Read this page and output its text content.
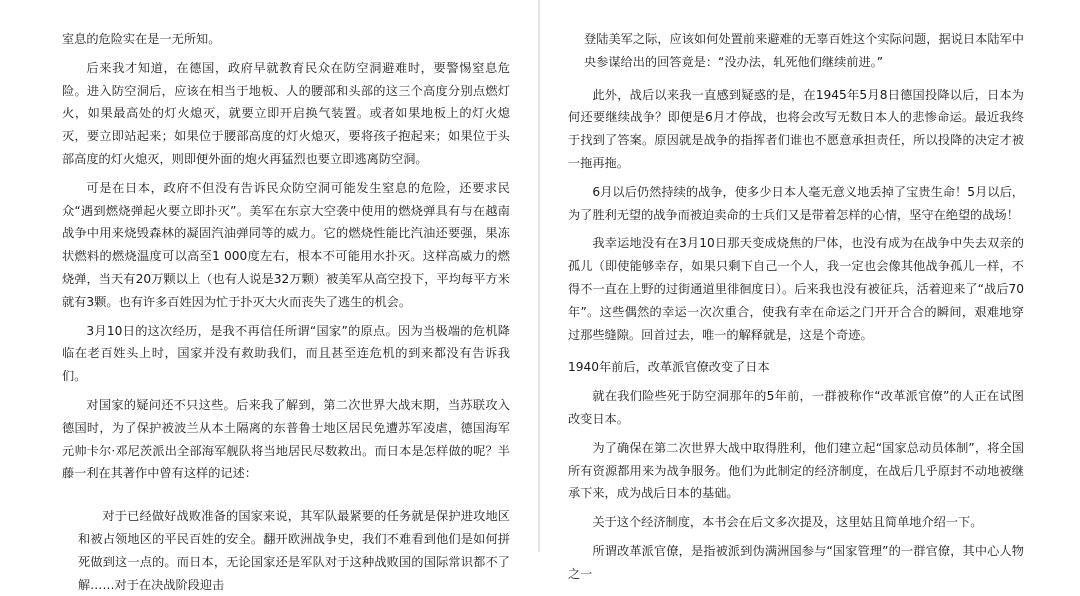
室息的危险实在是一无所知。

后来我才知道，在德国，政府早就教育民众在防空洞避难时，要警惕窒息危险。进入防空洞后，应该在相当于地板、人的腰部和头部的这三个高度分别点燃灯火，如果最高处的灯火熄灭，就要立即开启换气装置。或者如果地板上的灯火熄灭，要立即站起来；如果位于腰部高度的灯火熄灭，要将孩子抱起来；如果位于头部高度的灯火熄灭，则即便外面的炮火再猛烈也要立即逃离防空洞。

可是在日本，政府不但没有告诉民众防空洞可能发生窒息的危险，还要求民众“遇到燃烧弹起火要立即扑灭”。美军在东京大空袭中使用的燃烧弹具有与在越南战争中用来烧毁森林的凝固汽油弹同等的威力。它的燃烧性能比汽油还要强，果冻状燃料的燃烧温度可以高至1 000度左右，根本不可能用水扑灭。这样高威力的燃烧弹，当天有20万颗以上（也有人说是32万颗）被美军从高空投下，平均每平方米就有3颗。也有许多百姓因为忙于扑灭大火而丧失了逃生的机会。

3月10日的这次经历，是我不再信任所谓“国家”的原点。因为当极端的危机降临在老百姓头上时，国家并没有救助我们，而且甚至连危机的到来都没有告诉我们。

对国家的疑问还不只这些。后来我了解到，第二次世界大战末期，当苏联攻入德国时，为了保护被波兰从本土隔离的东普鲁士地区居民免遭苏军凌虐，德国海军元帅卡尔·邓尼茨派出全部海军舰队将当地居民尽数救出。而日本是怎样做的呢？半藤一利在其著作中曾有这样的记述：

对于已经做好战败准备的国家来说，其军队最紧要的任务就是保护进攻地区和被占领地区的平民百姓的安全。翻开欧洲战争史，我们不难看到他们是如何拼死做到这一点的。而日本，无论国家还是军队对于这种战败国的国际常识都不了解……对于在决战阶段迎击

登陆美军之际，应该如何处置前来避难的无辜百姓这个实际问题，据说日本陆军中央参谋给出的回答竟是：“没办法，轧死他们继续前进。”

此外，战后以来我一直感到疑惑的是，在1945年5月8日德国投降以后，日本为何还要继续战争？即便是6月才停战，也将会改写无数日本人的悲惨命运。最近我终于找到了答案。原因就是战争的指挥者们谁也不愿意承担责任，所以投降的决定才被一拖再拖。

6月以后仍然持续的战争，使多少日本人毫无意义地丢掉了宝贵生命！5月以后，为了胜利无望的战争而被迫卖命的士兵们又是带着怎样的心情，坚守在绝望的战场！

我幸运地没有在3月10日那天变成烧焦的尸体，也没有成为在战争中失去双亲的孤儿（即使能够幸存，如果只剩下自己一个人，我一定也会像其他战争孤儿一样，不得不一直在上野的过街通道里徘徊度日）。后来我也没有被征兵，活着迎来了“战后70年”。这些偶然的幸运一次次重合，使我有幸在命运之门开开合合的瞬间，艰难地穿过那些缝隙。回首过去，唯一的解释就是，这是个奇迹。

1940年前后，改革派官僚改变了日本

就在我们险些死于防空洞那年的5年前，一群被称作“改革派官僚”的人正在试图改变日本。

为了确保在第二次世界大战中取得胜利，他们建立起“国家总动员体制”，将全国所有资源都用来为战争服务。他们为此制定的经济制度，在战后几乎原封不动地被继承下来，成为战后日本的基础。

关于这个经济制度，本书会在后文多次提及，这里姑且简单地介绍一下。

所谓改革派官僚，是指被派到伪满洲国参与“国家管理”的一群官僚，其中心人物之一
